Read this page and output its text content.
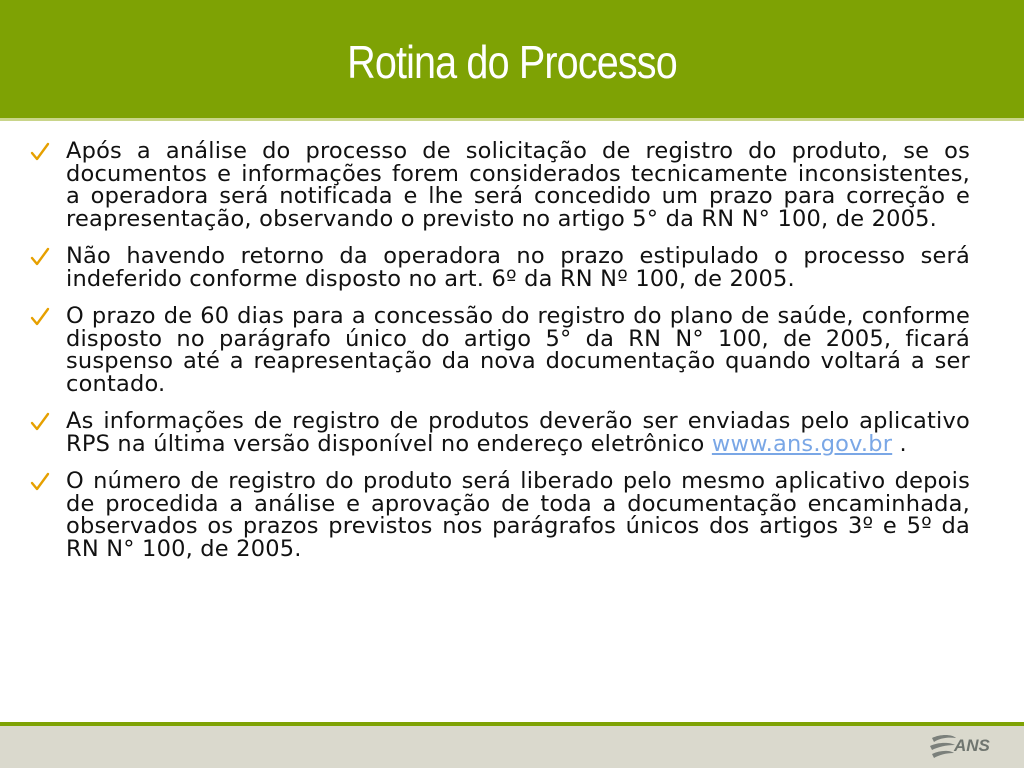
Rotina do Processo

Após a análise do processo de solicitação de registro do produto, se os documentos e informações forem considerados tecnicamente inconsistentes, a operadora será notificada e lhe será concedido um prazo para correção e reapresentação, observando o previsto no artigo 5° da RN N° 100, de 2005.

Não havendo retorno da operadora no prazo estipulado o processo será indeferido conforme disposto no art. 6º da RN Nº 100, de 2005.

O prazo de 60 dias para a concessão do registro do plano de saúde, conforme disposto no parágrafo único do artigo 5° da RN N° 100, de 2005, ficará suspenso até a reapresentação da nova documentação quando voltará a ser contado.

As informações de registro de produtos deverão ser enviadas pelo aplicativo RPS na última versão disponível no endereço eletrônico www.ans.gov.br .

O número de registro do produto será liberado pelo mesmo aplicativo depois de procedida a análise e aprovação de toda a documentação encaminhada, observados os prazos previstos nos parágrafos únicos dos artigos 3º e 5º da RN N° 100, de 2005.

ANS
